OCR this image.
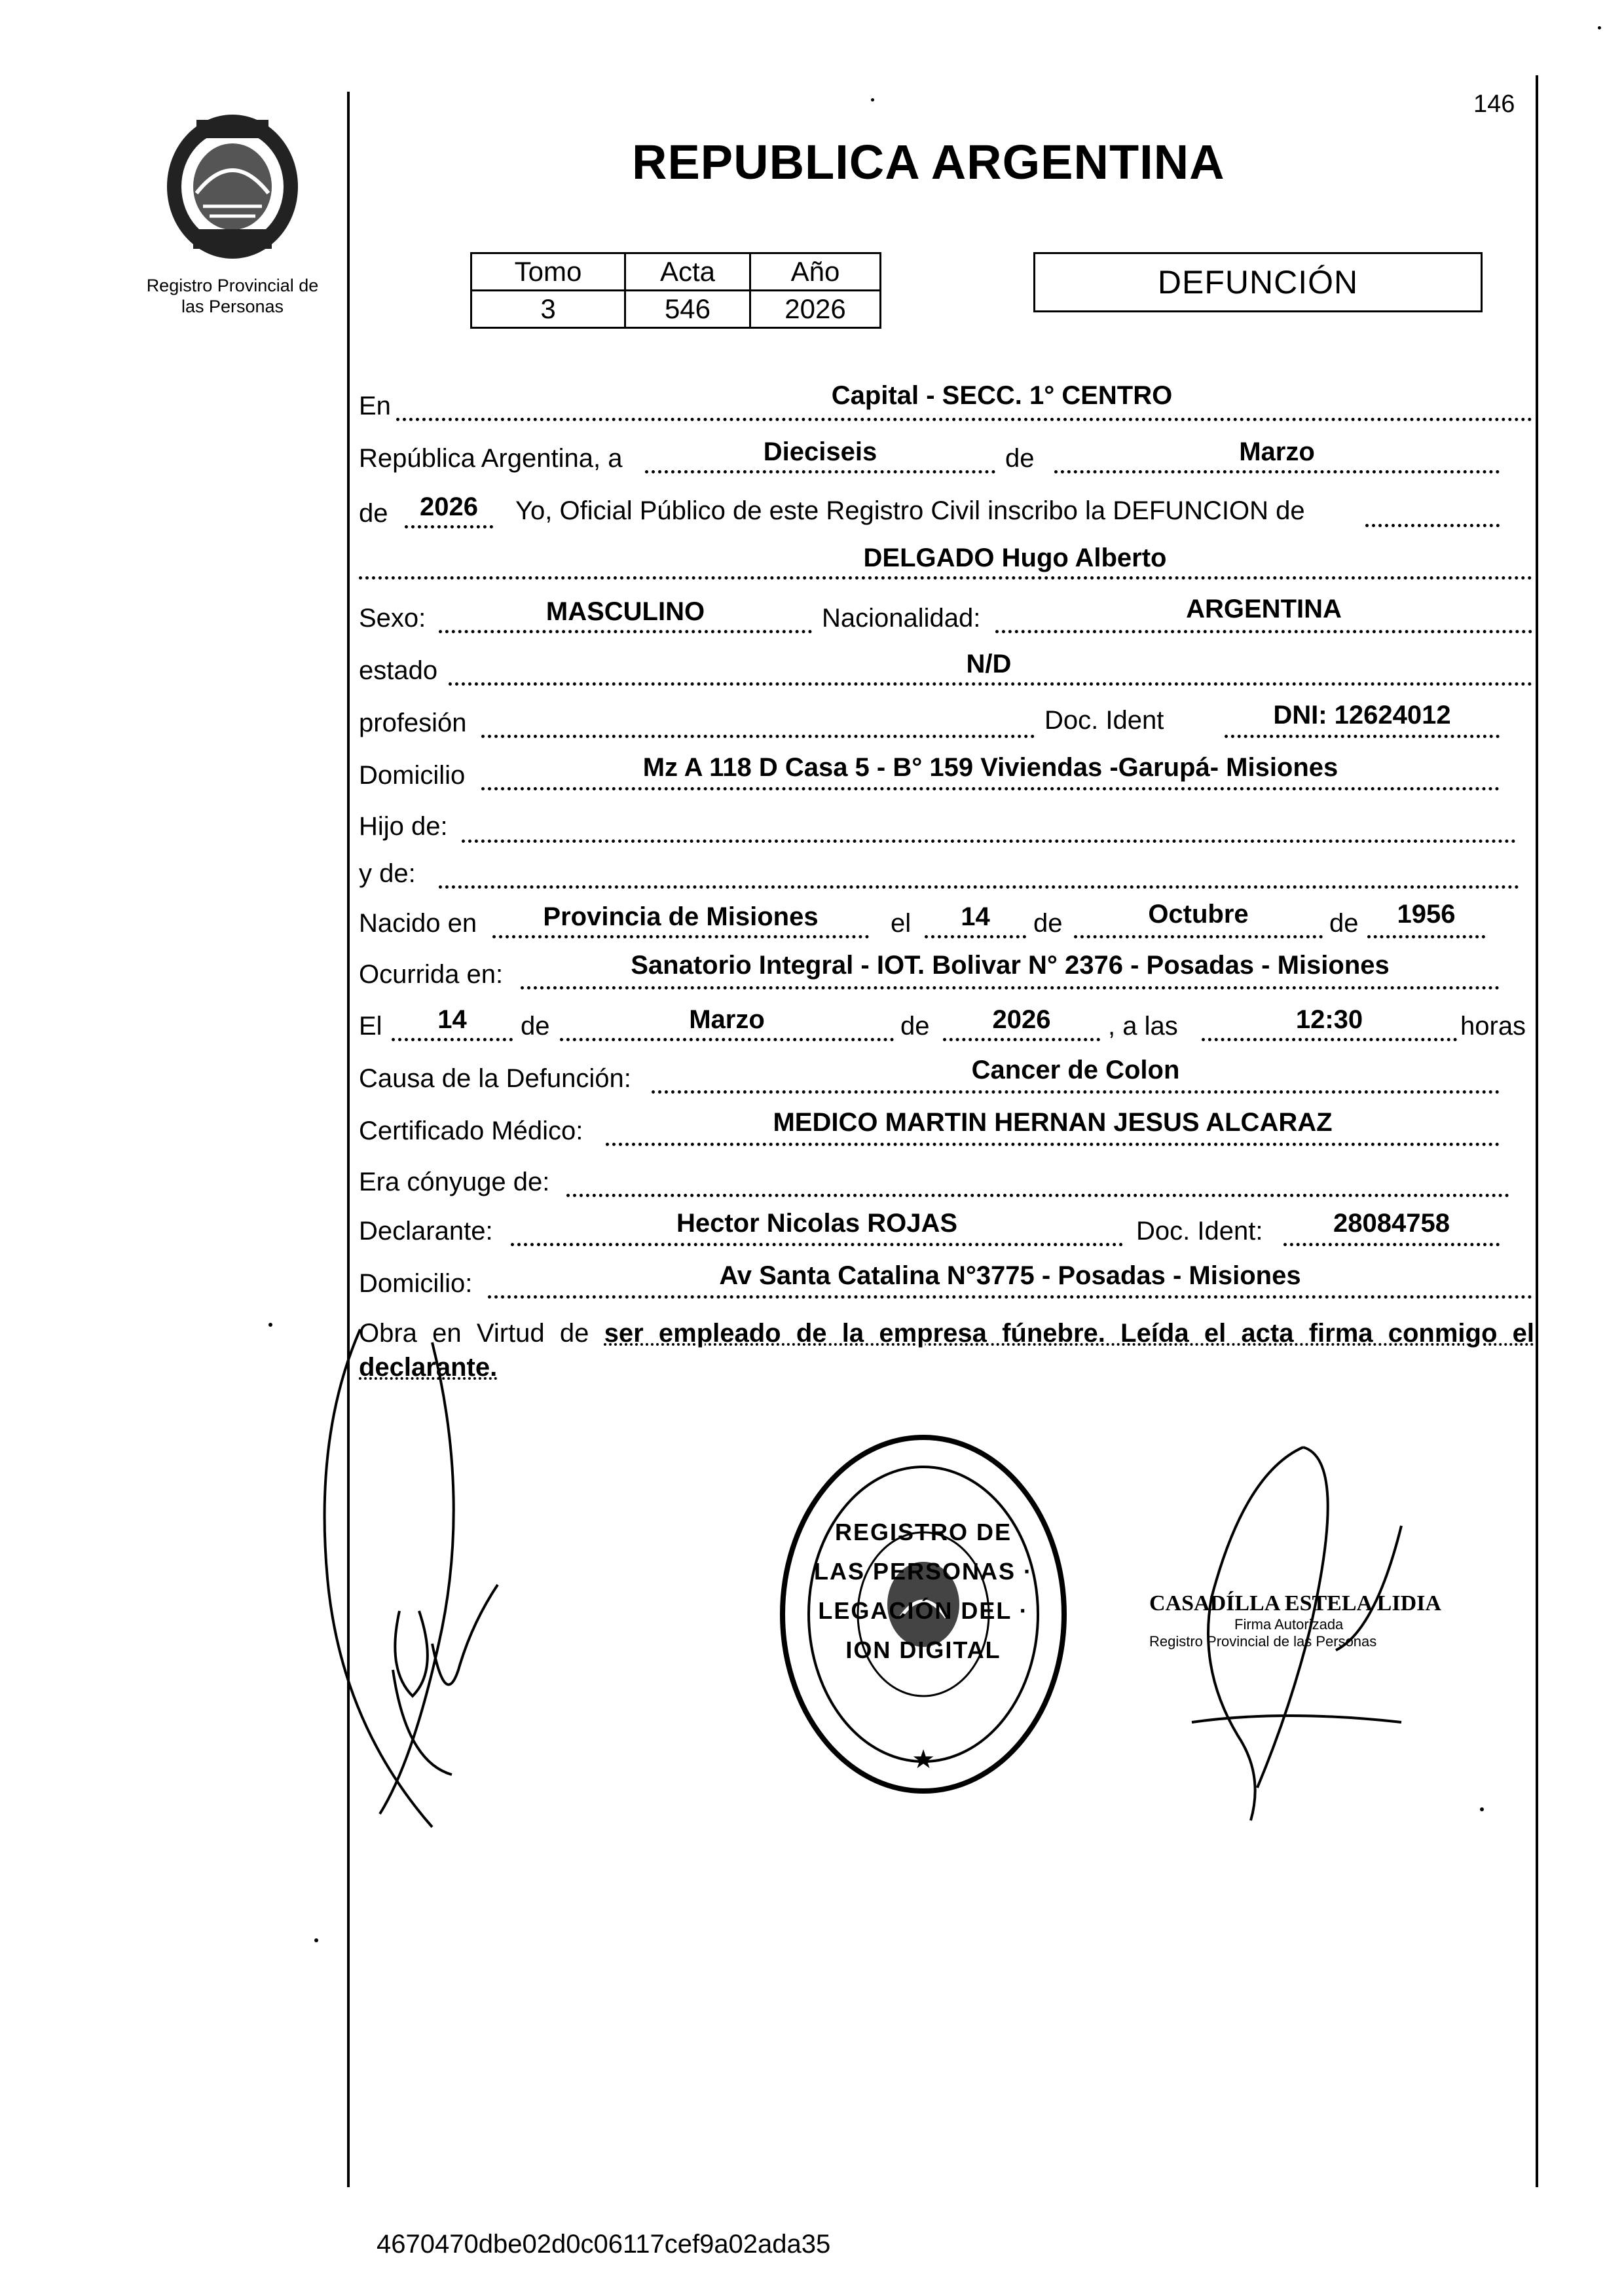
146
Registro Provincial de
las Personas
REPUBLICA ARGENTINA
Tomo	Acta	Año
3	546	2026
DEFUNCIÓN
En	Capital - SECC. 1° CENTRO
República Argentina, a	Dieciseis	de	Marzo
de	2026	Yo, Oficial Público de este Registro Civil inscribo la DEFUNCION de
DELGADO Hugo Alberto
Sexo:	MASCULINO	Nacionalidad:	ARGENTINA
estado	N/D
profesión	Doc. Ident	DNI: 12624012
Domicilio	Mz A 118 D Casa 5 - B° 159 Viviendas -Garupá- Misiones
Hijo de:
y de:
Nacido en	Provincia de Misiones	el	14	de	Octubre	de	1956
Ocurrida en:	Sanatorio Integral - IOT. Bolivar N° 2376 - Posadas - Misiones
El	14	de	Marzo	de	2026	, a las	12:30	horas
Causa de la Defunción:	Cancer de Colon
Certificado Médico:	MEDICO MARTIN HERNAN JESUS ALCARAZ
Era cónyuge de:
Declarante:	Hector Nicolas ROJAS	Doc. Ident:	28084758
Domicilio:	Av Santa Catalina N°3775 - Posadas - Misiones
Obra en Virtud de ser empleado de la empresa fúnebre. Leída el acta firma conmigo el declarante.
★
REGISTRO DE LAS PERSONAS · LEGACIÓN DEL · ION DIGITAL
CASADÍLLA ESTELA LIDIA
Firma Autorizada
Registro Provincial de las Personas
4670470dbe02d0c06117cef9a02ada35
